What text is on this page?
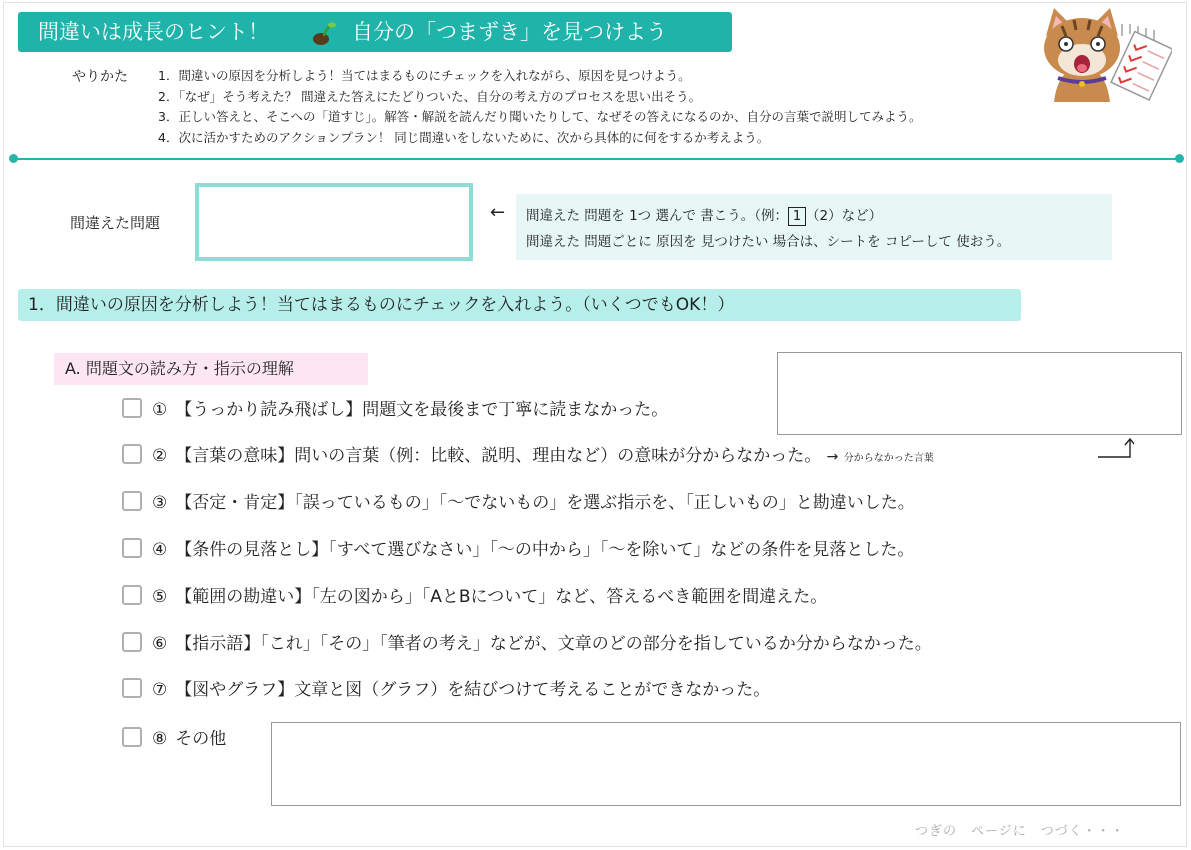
間違いは成長のヒント！	自分の「つまずき」を見つけよう
やりかた 1．間違いの原因を分析しよう！当てはまるものにチェックを入れながら、原因を見つけよう。
2．「なぜ」そう考えた？ 間違えた答えにたどりついた、自分の考え方のプロセスを思い出そう。
3．正しい答えと、そこへの「道すじ」。解答・解説を読んだり聞いたりして、なぜその答えになるのか、自分の言葉で説明してみよう。
4．次に活かすためのアクションプラン！ 同じ間違いをしないために、次から具体的に何をするか考えよう。
間違えた問題	← 間違えた 問題を 1つ 選んで 書こう。（例： 1 （2）など）
間違えた 問題ごとに 原因を 見つけたい 場合は、シートを コピーして 使おう。
1．間違いの原因を分析しよう！当てはまるものにチェックを入れよう。（いくつでもOK！）
A. 問題文の読み方・指示の理解
① 【うっかり読み飛ばし】問題文を最後まで丁寧に読まなかった。
② 【言葉の意味】問いの言葉（例：比較、説明、理由など）の意味が分からなかった。 → 分からなかった言葉
③ 【否定・肯定】「誤っているもの」「〜でないもの」を選ぶ指示を、「正しいもの」と勘違いした。
④ 【条件の見落とし】「すべて選びなさい」「〜の中から」「〜を除いて」などの条件を見落とした。
⑤ 【範囲の勘違い】「左の図から」「AとBについて」など、答えるべき範囲を間違えた。
⑥ 【指示語】「これ」「その」「筆者の考え」などが、文章のどの部分を指しているか分からなかった。
⑦ 【図やグラフ】文章と図（グラフ）を結びつけて考えることができなかった。
⑧ その他
つぎの　ページに　つづく・・・
